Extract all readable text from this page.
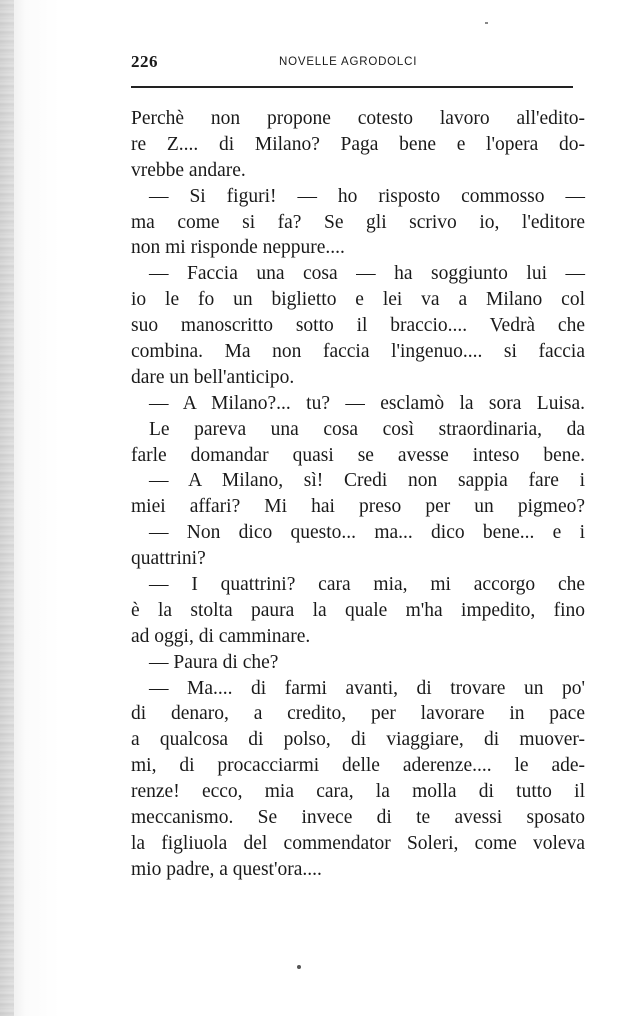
226	NOVELLE AGRODOLCI
Perchè non propone cotesto lavoro all'edito-
re Z.... di Milano? Paga bene e l'opera do-
vrebbe andare.
— Si figuri! — ho risposto commosso —
ma come si fa? Se gli scrivo io, l'editore
non mi risponde neppure....
— Faccia una cosa — ha soggiunto lui —
io le fo un biglietto e lei va a Milano col
suo manoscritto sotto il braccio.... Vedrà che
combina. Ma non faccia l'ingenuo.... si faccia
dare un bell'anticipo.
— A Milano?... tu? — esclamò la sora Luisa.
Le pareva una cosa così straordinaria, da
farle domandar quasi se avesse inteso bene.
— A Milano, sì! Credi non sappia fare i
miei affari? Mi hai preso per un pigmeo?
— Non dico questo... ma... dico bene... e i
quattrini?
— I quattrini? cara mia, mi accorgo che
è la stolta paura la quale m'ha impedito, fino
ad oggi, di camminare.
— Paura di che?
— Ma.... di farmi avanti, di trovare un po'
di denaro, a credito, per lavorare in pace
a qualcosa di polso, di viaggiare, di muover-
mi, di procacciarmi delle aderenze.... le ade-
renze! ecco, mia cara, la molla di tutto il
meccanismo. Se invece di te avessi sposato
la figliuola del commendator Soleri, come voleva
mio padre, a quest'ora....
